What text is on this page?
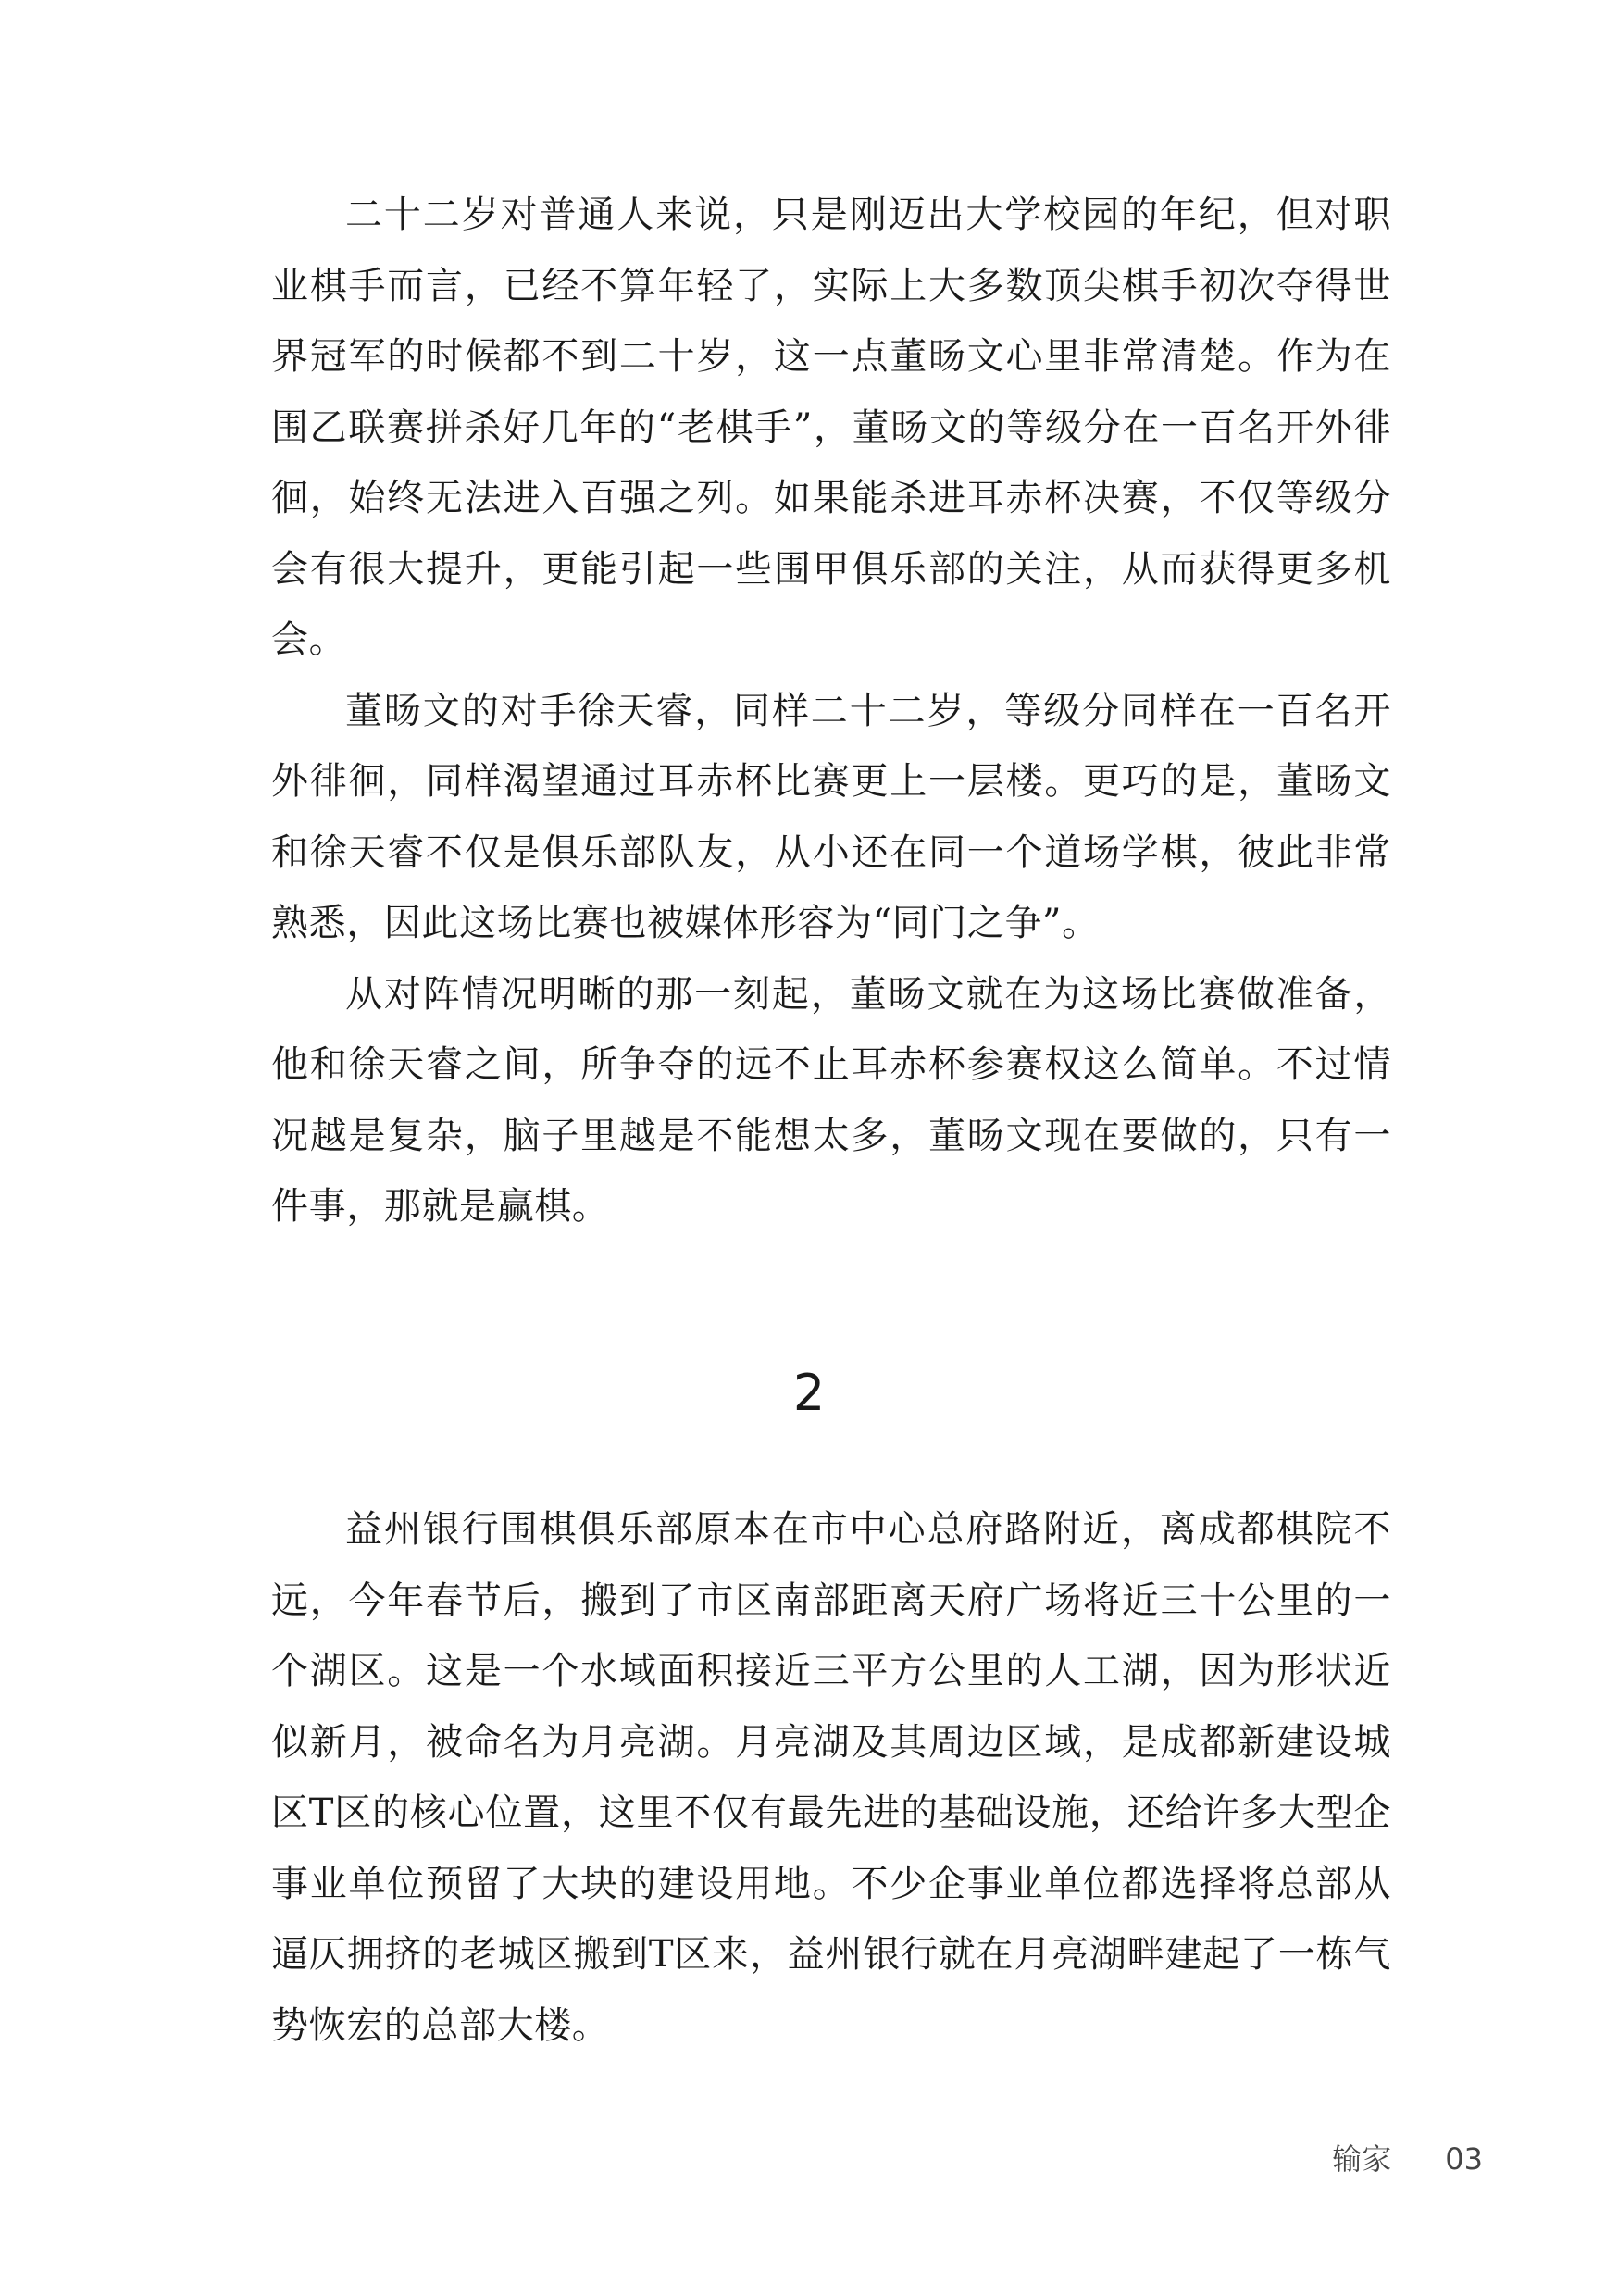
二十二岁对普通人来说，只是刚迈出大学校园的年纪，但对职业棋手而言，已经不算年轻了，实际上大多数顶尖棋手初次夺得世界冠军的时候都不到二十岁，这一点董旸文心里非常清楚。作为在围乙联赛拼杀好几年的“老棋手”，董旸文的等级分在一百名开外徘徊，始终无法进入百强之列。如果能杀进耳赤杯决赛，不仅等级分会有很大提升，更能引起一些围甲俱乐部的关注，从而获得更多机会。

董旸文的对手徐天睿，同样二十二岁，等级分同样在一百名开外徘徊，同样渴望通过耳赤杯比赛更上一层楼。更巧的是，董旸文和徐天睿不仅是俱乐部队友，从小还在同一个道场学棋，彼此非常熟悉，因此这场比赛也被媒体形容为“同门之争”。

从对阵情况明晰的那一刻起，董旸文就在为这场比赛做准备，他和徐天睿之间，所争夺的远不止耳赤杯参赛权这么简单。不过情况越是复杂，脑子里越是不能想太多，董旸文现在要做的，只有一件事，那就是赢棋。

2

益州银行围棋俱乐部原本在市中心总府路附近，离成都棋院不远，今年春节后，搬到了市区南部距离天府广场将近三十公里的一个湖区。这是一个水域面积接近三平方公里的人工湖，因为形状近似新月，被命名为月亮湖。月亮湖及其周边区域，是成都新建设城区T区的核心位置，这里不仅有最先进的基础设施，还给许多大型企事业单位预留了大块的建设用地。不少企事业单位都选择将总部从逼仄拥挤的老城区搬到T区来，益州银行就在月亮湖畔建起了一栋气势恢宏的总部大楼。

输家 03
